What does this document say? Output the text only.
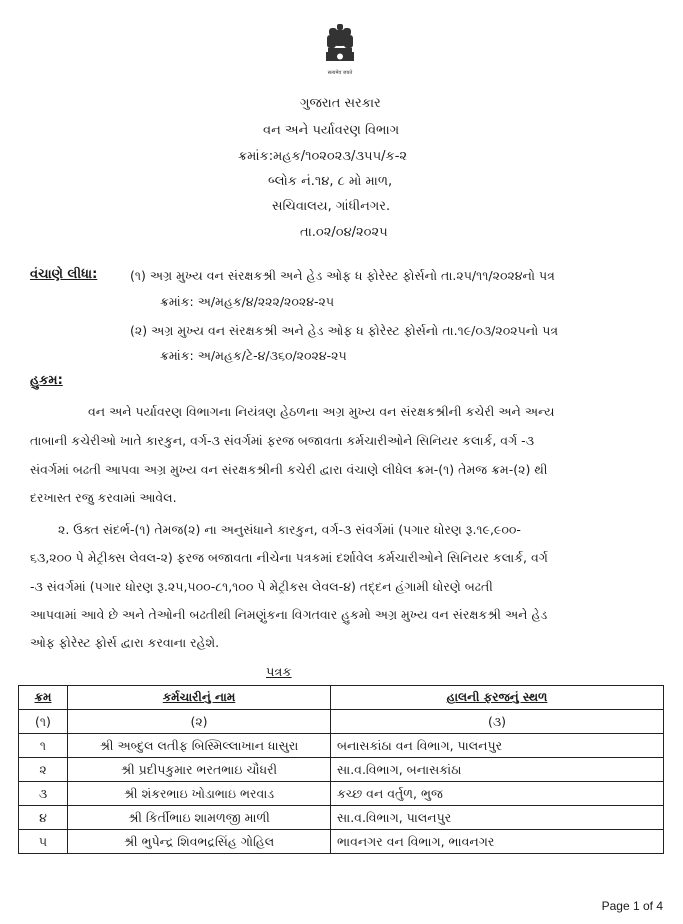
सत्यमेव जयते
ગુજરાત સરકાર
વન અને પર્યાવરણ વિભાગ
ક્રમાંક:મહક/૧૦૨૦૨૩/૩૫૫/ક-૨
બ્લોક નં.૧૪, ૮ મો માળ,
સચિવાલય, ગાંધીનગર.
તા.૦૨/૦૪/૨૦૨૫
વંચાણે લીધા:	(૧) અગ્ર મુખ્ય વન સંરક્ષકશ્રી અને હેડ ઓફ ધ ફોરેસ્ટ ફોર્સનો તા.૨૫/૧૧/૨૦૨૪નો પત્ર
ક્રમાંક: અ/મહક/૪/૨૨૨/૨૦૨૪-૨૫
(૨) અગ્ર મુખ્ય વન સંરક્ષકશ્રી અને હેડ ઓફ ધ ફોરેસ્ટ ફોર્સનો તા.૧૯/૦૩/૨૦૨૫નો પત્ર
ક્રમાંક: અ/મહક/ટે-૪/૩૬૦/૨૦૨૪-૨૫
હુકમ:
વન અને પર્યાવરણ વિભાગના નિયંત્રણ હેઠળના અગ્ર મુખ્ય વન સંરક્ષકશ્રીની કચેરી અને અન્ય
તાબાની કચેરીઓ ખાતે કારકુન, વર્ગ-૩ સંવર્ગમાં ફરજ બજાવતા કર્મચારીઓને સિનિયર કલાર્ક, વર્ગ -૩
સંવર્ગમાં બઢતી આપવા અગ્ર મુખ્ય વન સંરક્ષકશ્રીની કચેરી દ્વારા વંચાણે લીધેલ ક્રમ-(૧) તેમજ ક્રમ-(૨) થી
દરખાસ્ત રજુ કરવામાં આવેલ.
૨. ઉક્ત સંદર્ભ-(૧) તેમજ(૨) ના અનુસંધાને કારકુન, વર્ગ-૩ સંવર્ગમાં (પગાર ધોરણ રૂ.૧૯,૯૦૦-
૬૩,૨૦૦ પે મેટ્રીક્સ લેવલ-૨) ફરજ બજાવતા નીચેના પત્રકમાં દર્શાવેલ કર્મચારીઓને સિનિયર કલાર્ક, વર્ગ
-૩ સંવર્ગમાં (પગાર ધોરણ રૂ.૨૫,૫૦૦-૮૧,૧૦૦ પે મેટ્રીકસ લેવલ-૪) તદ્દન હંગામી ધોરણે બઢતી
આપવામાં આવે છે અને તેઓની બઢતીથી નિમણુંકના વિગતવાર હુકમો અગ્ર મુખ્ય વન સંરક્ષકશ્રી અને હેડ
ઓફ ફોરેસ્ટ ફોર્સ દ્વારા કરવાના રહેશે.
પત્રક
ક્રમ	કર્મચારીનું નામ	હાલની ફરજનું સ્થળ
(૧)	(૨)	(૩)
૧	શ્રી અબ્દુલ લતીફ બિસ્મિલ્લાખાન ધાસુરા	બનાસકાંઠા વન વિભાગ, પાલનપુર
૨	શ્રી પ્રદીપકુમાર ભરતભાઇ ચૌધરી	સા.વ.વિભાગ, બનાસકાંઠા
૩	શ્રી શંકરભાઇ ખોડાભાઇ ભરવાડ	કચ્છ વન વર્તુળ, ભુજ
૪	શ્રી કિર્તીભાઇ શામળજી માળી	સા.વ.વિભાગ, પાલનપુર
૫	શ્રી ભુપેન્દ્ર શિવભદ્રસિંહ ગોહિલ	ભાવનગર વન વિભાગ, ભાવનગર
Page 1 of 4
